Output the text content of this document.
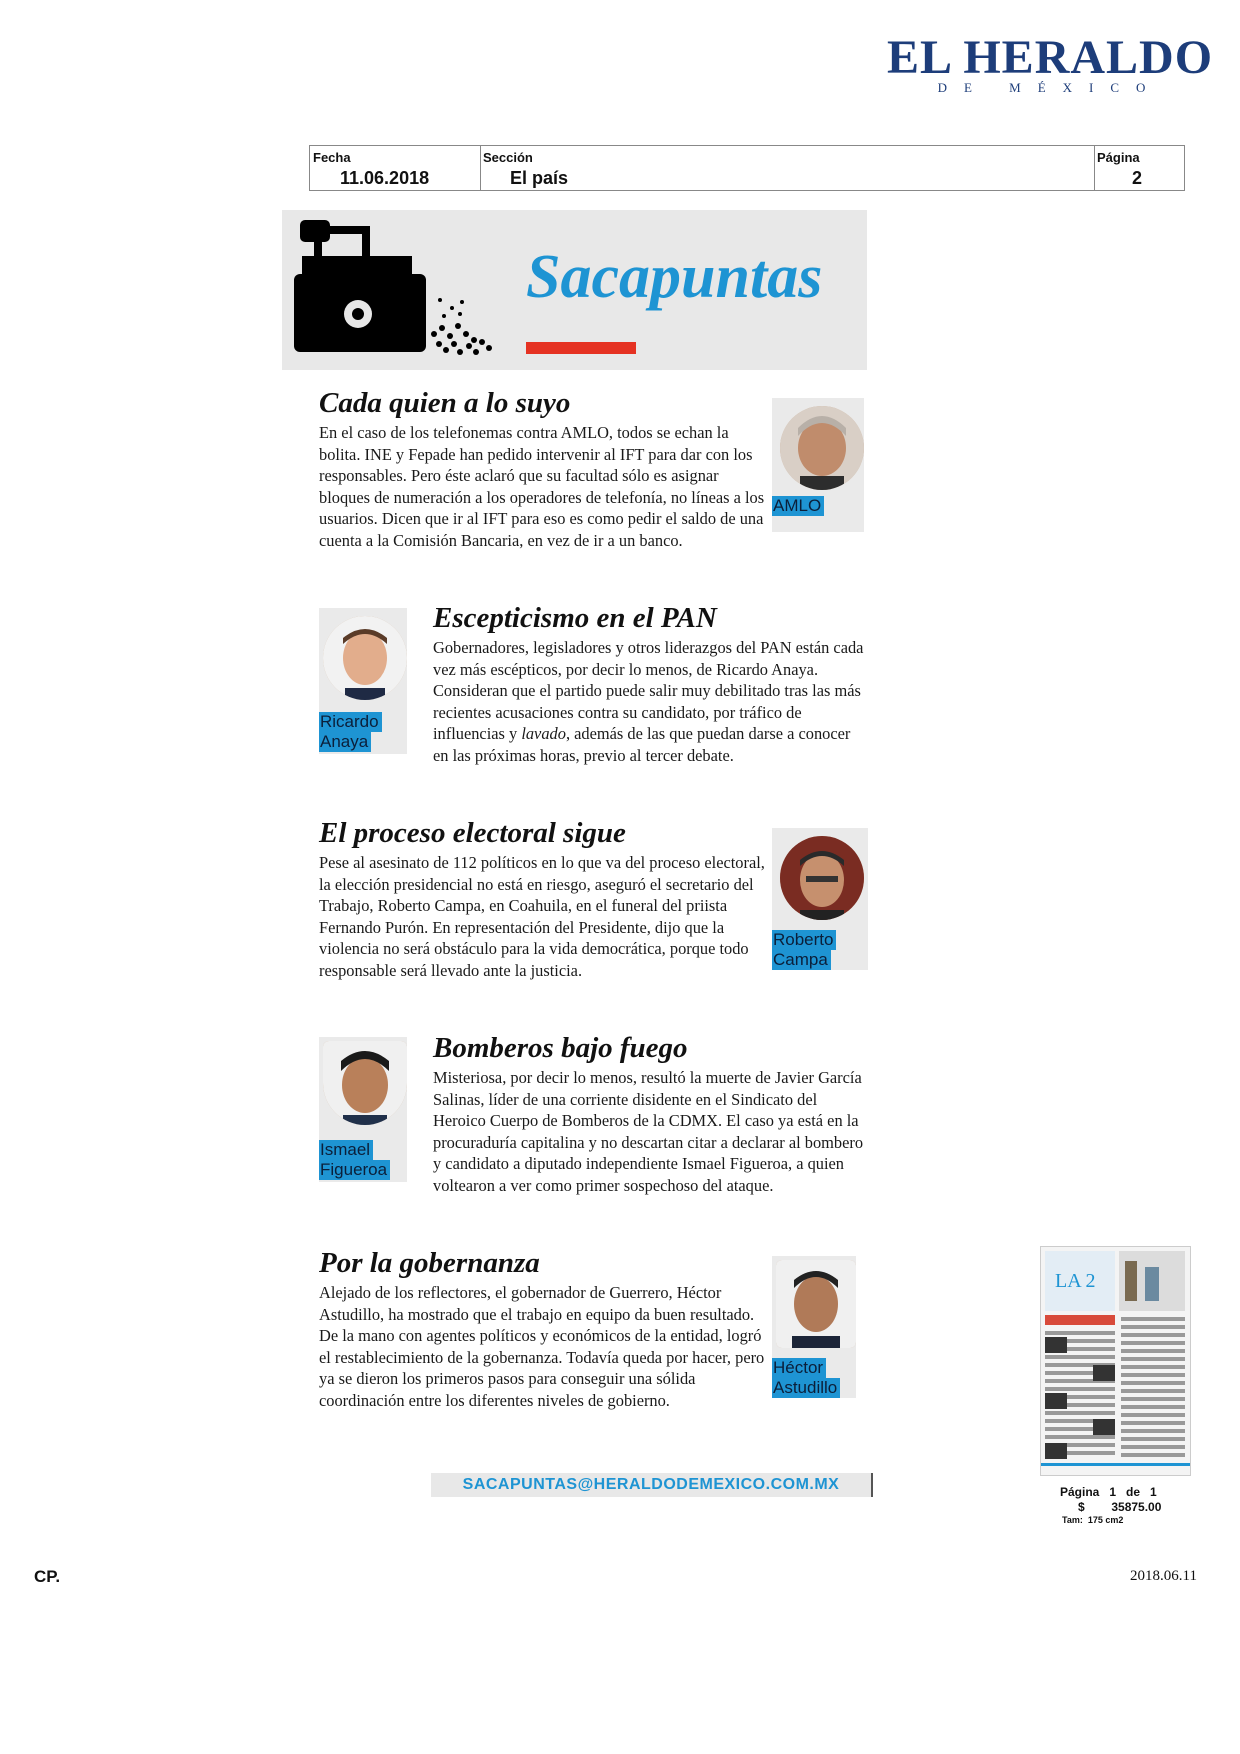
EL HERALDO
DE MÉXICO
Fecha
11.06.2018
Sección
El país
Página
2
Sacapuntas
Cada quien a lo suyo

En el caso de los telefonemas contra AMLO, todos se echan la bolita. INE y Fepade han pedido intervenir al IFT para dar con los responsables. Pero éste aclaró que su facultad sólo es asignar bloques de numeración a los operadores de telefonía, no líneas a los usuarios. Dicen que ir al IFT para eso es como pedir el saldo de una cuenta a la Comisión Bancaria, en vez de ir a un banco.

AMLO
Ricardo
Anaya
Escepticismo en el PAN

Gobernadores, legisladores y otros liderazgos del PAN están cada vez más escépticos, por decir lo menos, de Ricardo Anaya. Consideran que el partido puede salir muy debilitado tras las más recientes acusaciones contra su candidato, por tráfico de influencias y lavado, además de las que puedan darse a conocer en las próximas horas, previo al tercer debate.

El proceso electoral sigue

Pese al asesinato de 112 políticos en lo que va del proceso electoral, la elección presidencial no está en riesgo, aseguró el secretario del Trabajo, Roberto Campa, en Coahuila, en el funeral del priista Fernando Purón. En representación del Presidente, dijo que la violencia no será obstáculo para la vida democrática, porque todo responsable será llevado ante la justicia.

Roberto
Campa
Ismael
Figueroa
Bomberos bajo fuego

Misteriosa, por decir lo menos, resultó la muerte de Javier García Salinas, líder de una corriente disidente en el Sindicato del Heroico Cuerpo de Bomberos de la CDMX. El caso ya está en la procuraduría capitalina y no descartan citar a declarar al bombero y candidato a diputado independiente Ismael Figueroa, a quien voltearon a ver como primer sospechoso del ataque.

Por la gobernanza

Alejado de los reflectores, el gobernador de Guerrero, Héctor Astudillo, ha mostrado que el trabajo en equipo da buen resultado. De la mano con agentes políticos y económicos de la entidad, logró el restablecimiento de la gobernanza. Todavía queda por hacer, pero ya se dieron los primeros pasos para conseguir una sólida coordinación entre los diferentes niveles de gobierno.

Héctor
Astudillo
SACAPUNTAS@HERALDODEMEXICO.COM.MX
LA 2
Página   1   de   1
$        35875.00
Tam:  175 cm2
CP.	2018.06.11
